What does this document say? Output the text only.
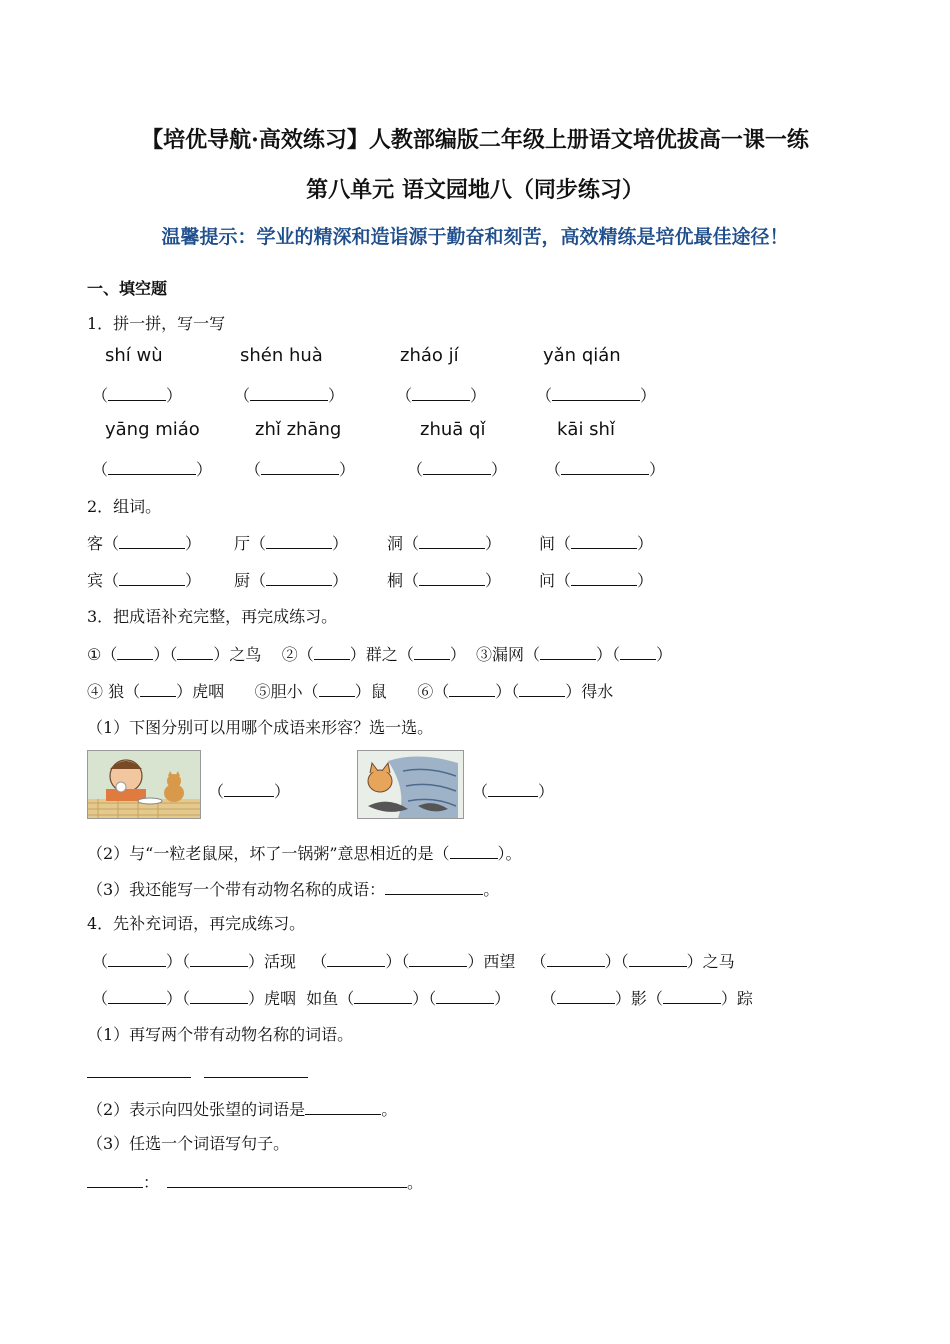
【培优导航·高效练习】人教部编版二年级上册语文培优拔高一课一练
第八单元 语文园地八（同步练习）
温馨提示：学业的精深和造诣源于勤奋和刻苦，高效精练是培优最佳途径！
一、填空题
1．拼一拼，写一写
shí wù	shén huà	zháo jí	yǎn qián
（	）	（	）	（	）	（	）
yāng miáo	zhǐ zhāng	zhuā qǐ	kāi shǐ
（	） （	）	（	） （	）
2．组词。
客（	） 厅（	） 洞（	） 间（	）
宾（	） 厨（	） 桐（	） 问（	）
3．把成语补充完整，再完成练习。
①（ ）（ ）之鸟 ②（ ）群之（ ）  ③漏网（	）（ ）
④ 狼（ ）虎咽 ⑤胆小（ ）鼠 ⑥（	）（	）得水
（1）下图分别可以用哪个成语来形容？选一选。
（	）	（	）
（2）与“一粒老鼠屎，坏了一锅粥”意思相近的是（	）。
（3）我还能写一个带有动物名称的成语：	。
4．先补充词语，再完成练习。
（	）（	）活现   （	）（	）西望   （	）（	）之马
（	）（	）虎咽 如鱼（	）（	）      （	）影（	）踪
（1）再写两个带有动物名称的词语。
（2）表示向四处张望的词语是	。
（3）任选一个词语写句子。
：	。
